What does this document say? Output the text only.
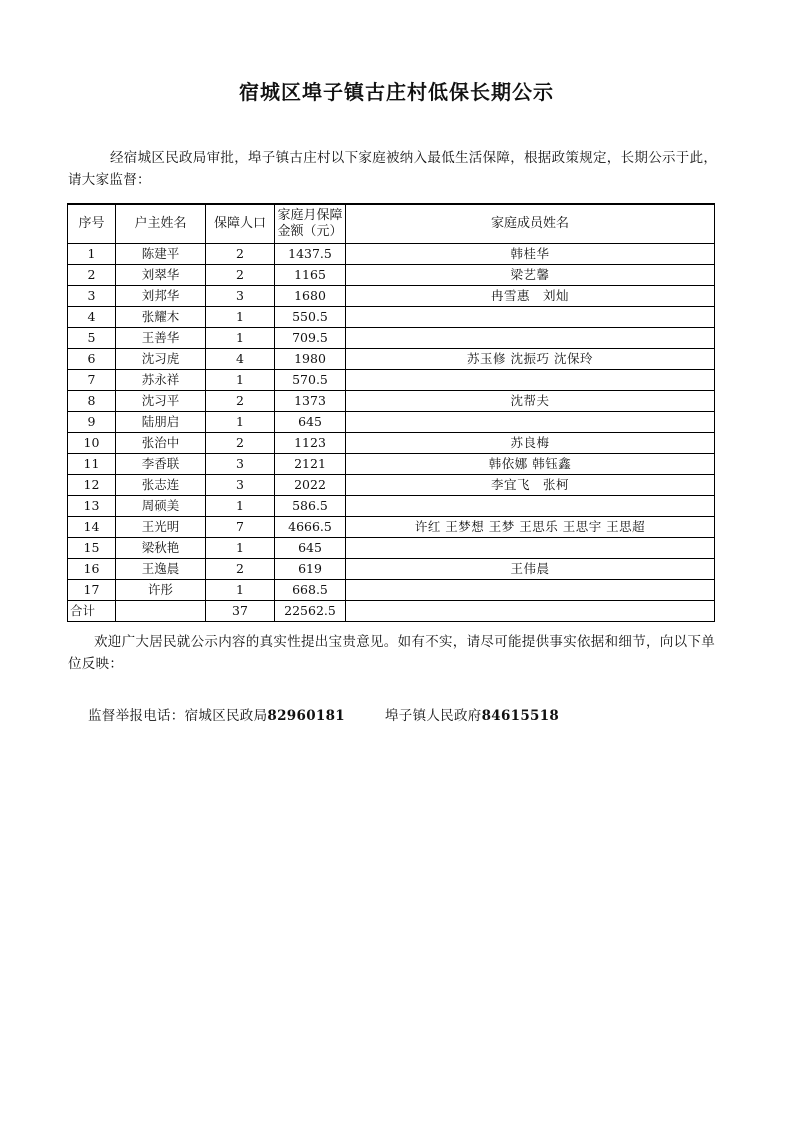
宿城区埠子镇古庄村低保长期公示
经宿城区民政局审批，埠子镇古庄村以下家庭被纳入最低生活保障，根据政策规定，长期公示于此，请大家监督：
序号	户主姓名	保障人口	家庭月保障金额（元）	家庭成员姓名
1	陈建平	2	1437.5	韩桂华
2	刘翠华	2	1165	梁艺馨
3	刘邦华	3	1680	冉雪惠　刘灿
4	张耀木	1	550.5	
5	王善华	1	709.5	
6	沈习虎	4	1980	苏玉修 沈振巧 沈保玲
7	苏永祥	1	570.5	
8	沈习平	2	1373	沈帮夫
9	陆朋启	1	645	
10	张治中	2	1123	苏良梅
11	李香联	3	2121	韩依娜 韩钰鑫
12	张志连	3	2022	李宜飞　张柯
13	周硕美	1	586.5	
14	王光明	7	4666.5	许红 王梦想 王梦 王思乐 王思宇 王思超
15	梁秋艳	1	645	
16	王逸晨	2	619	王伟晨
17	许彤	1	668.5	
合计		37	22562.5	
欢迎广大居民就公示内容的真实性提出宝贵意见。如有不实，请尽可能提供事实依据和细节，向以下单位反映：
监督举报电话：宿城区民政局82960181	埠子镇人民政府84615518
